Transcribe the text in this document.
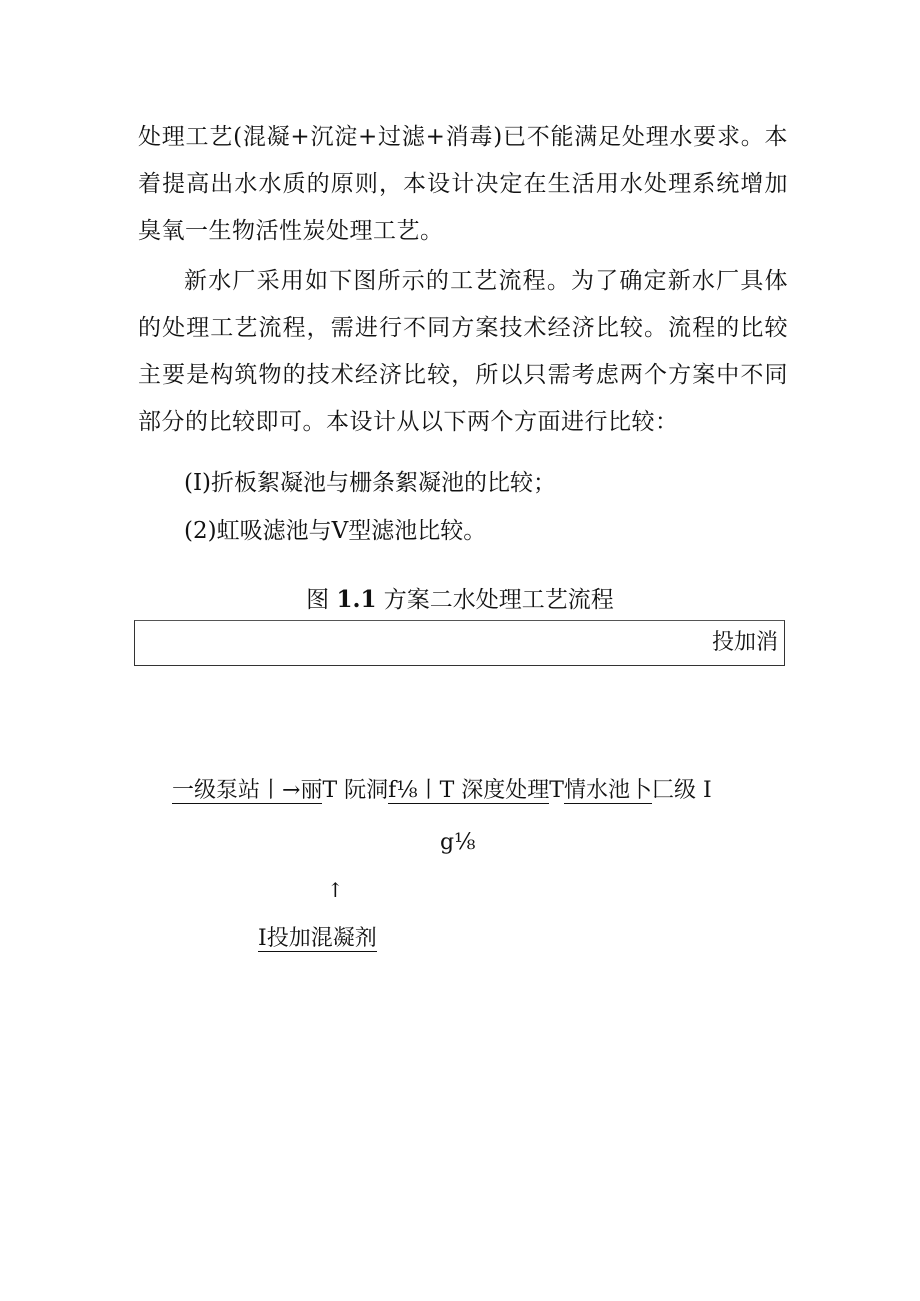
处理工艺(混凝+沉淀+过滤+消毒)已不能满足处理水要求。本着提高出水水质的原则，本设计决定在生活用水处理系统增加臭氧一生物活性炭处理工艺。

新水厂采用如下图所示的工艺流程。为了确定新水厂具体的处理工艺流程，需进行不同方案技术经济比较。流程的比较主要是构筑物的技术经济比较，所以只需考虑两个方案中不同部分的比较即可。本设计从以下两个方面进行比较：

(I)折板絮凝池与栅条絮凝池的比较；

(2)虹吸滤池与V型滤池比较。

图 1.1 方案二水处理工艺流程

投加消
一级泵站丨→丽T 阮洞f⅛丨T 深度处理T情水池卜匚级 I
g⅛
↑
I投加混凝剂
